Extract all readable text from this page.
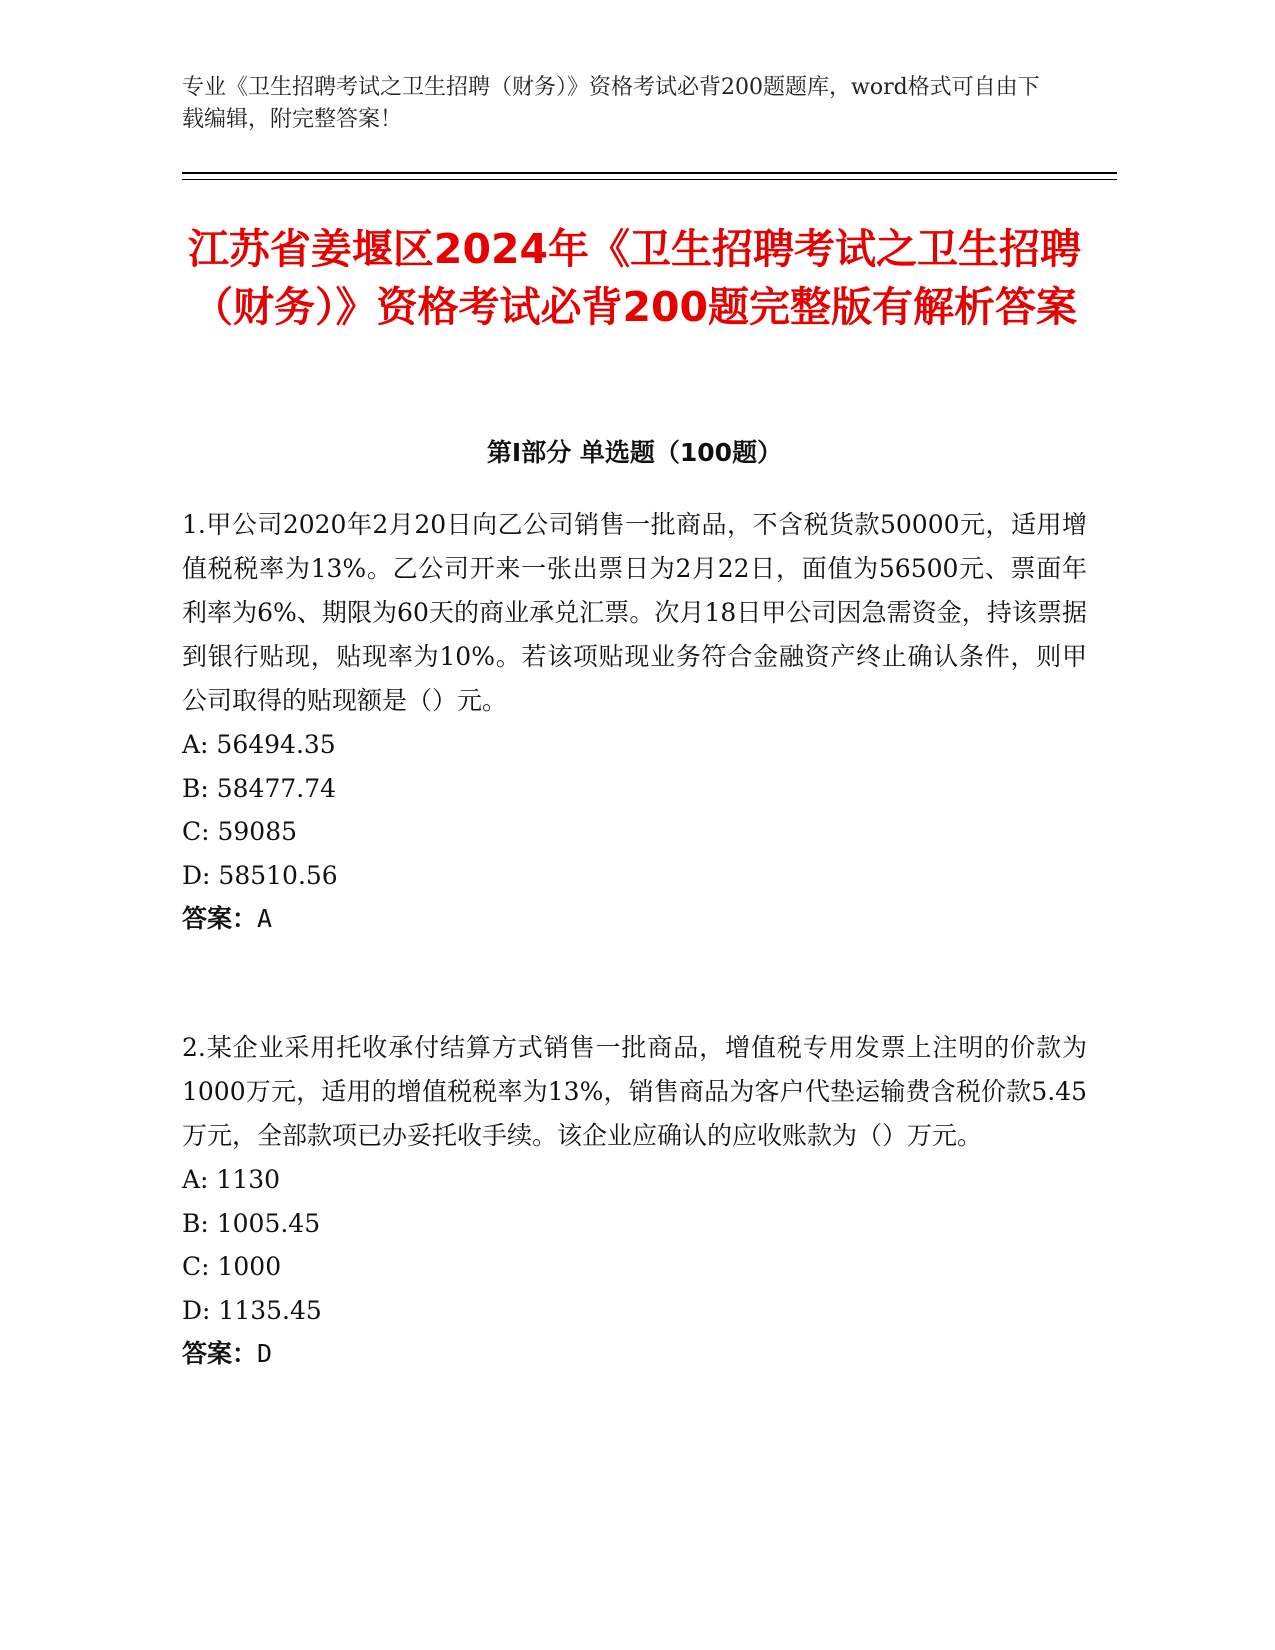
专业《卫生招聘考试之卫生招聘（财务）》资格考试必背200题题库，word格式可自由下载编辑，附完整答案！
江苏省姜堰区2024年《卫生招聘考试之卫生招聘（财务）》资格考试必背200题完整版有解析答案
第Ⅰ部分 单选题（100题）
1.甲公司2020年2月20日向乙公司销售一批商品，不含税货款50000元，适用增值税税率为13%。乙公司开来一张出票日为2月22日，面值为56500元、票面年利率为6%、期限为60天的商业承兑汇票。次月18日甲公司因急需资金，持该票据到银行贴现，贴现率为10%。若该项贴现业务符合金融资产终止确认条件，则甲公司取得的贴现额是（）元。
A: 56494.35
B: 58477.74
C: 59085
D: 58510.56
答案：A
2.某企业采用托收承付结算方式销售一批商品，增值税专用发票上注明的价款为1000万元，适用的增值税税率为13%，销售商品为客户代垫运输费含税价款5.45万元，全部款项已办妥托收手续。该企业应确认的应收账款为（）万元。
A: 1130
B: 1005.45
C: 1000
D: 1135.45
答案：D
